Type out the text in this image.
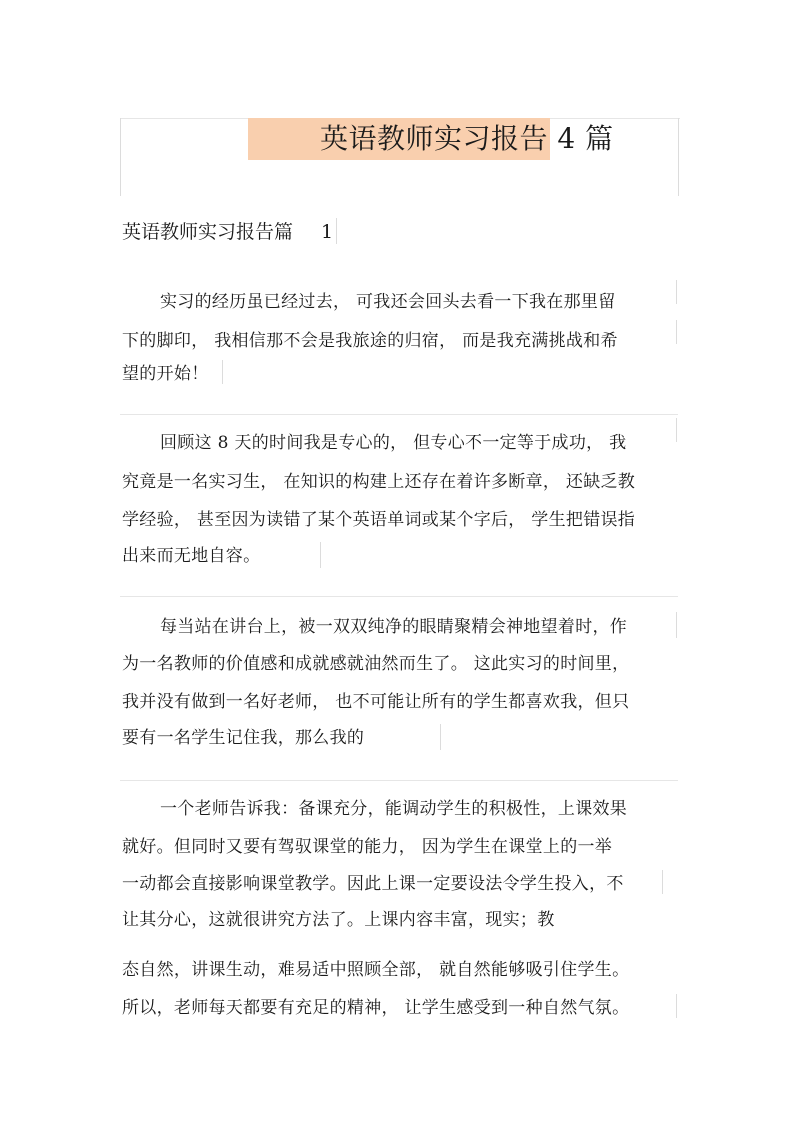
英语教师实习报告 4 篇
英语教师实习报告篇 1
实习的经历虽已经过去， 可我还会回头去看一下我在那里留
下的脚印， 我相信那不会是我旅途的归宿， 而是我充满挑战和希
望的开始！
回顾这 8 天的时间我是专心的， 但专心不一定等于成功， 我
究竟是一名实习生， 在知识的构建上还存在着许多断章， 还缺乏教
学经验， 甚至因为读错了某个英语单词或某个字后， 学生把错误指
出来而无地自容。
每当站在讲台上，被一双双纯净的眼睛聚精会神地望着时，作
为一名教师的价值感和成就感就油然而生了。 这此实习的时间里，
我并没有做到一名好老师， 也不可能让所有的学生都喜欢我，但只
要有一名学生记住我，那么我的
一个老师告诉我：备课充分，能调动学生的积极性，上课效果
就好。但同时又要有驾驭课堂的能力， 因为学生在课堂上的一举
一动都会直接影响课堂教学。因此上课一定要设法令学生投入，不
让其分心，这就很讲究方法了。上课内容丰富，现实；教
态自然，讲课生动，难易适中照顾全部， 就自然能够吸引住学生。
所以，老师每天都要有充足的精神， 让学生感受到一种自然气氛。
